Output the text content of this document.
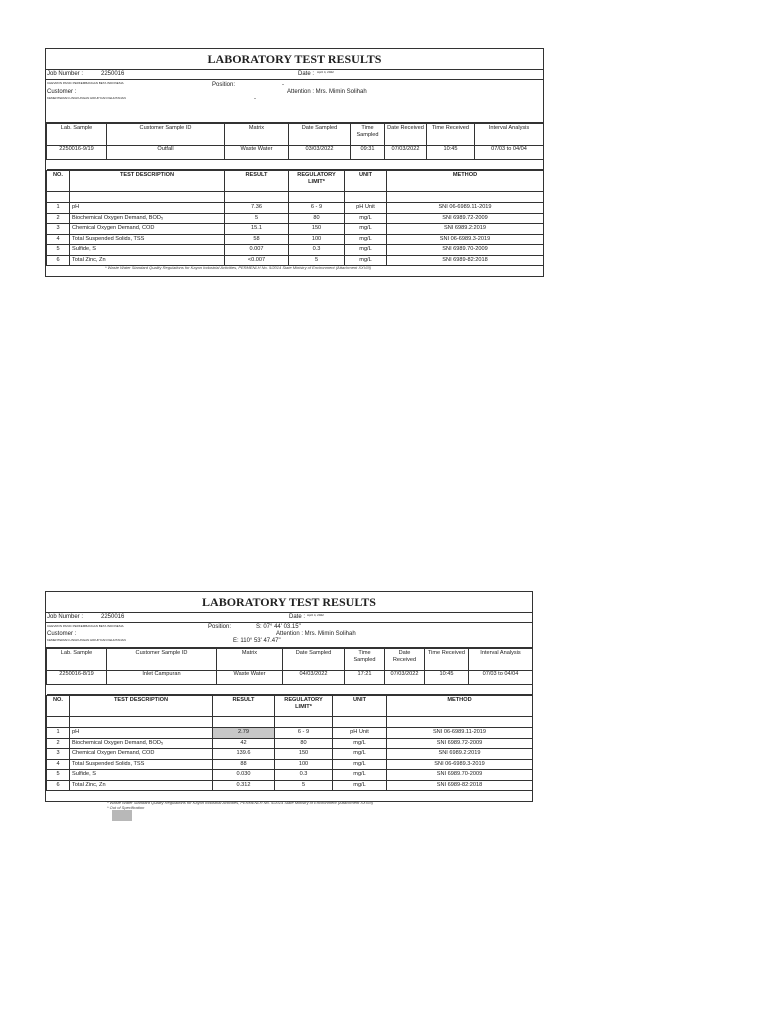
LABORATORY TEST RESULTS
Job Number :	2250016	Date : April 4, 2022
CHEVRON PANIC PERKEMBANGAN BETA INDONESIA
Customer :
KEMENTERIAN LINGKUNGAN HIDUP DAN KEHUTANAN
Position:	-
-
Attention : Mrs. Mimin Solihah
Lab. Sample	Customer Sample ID	Matrix	Date Sampled	Time Sampled	Date Received	Time Received	Interval Analysis
2250016-9/19	Outfall	Waste Water	03/03/2022	09:31	07/03/2022	10:45	07/03 to 04/04

NO.	TEST DESCRIPTION	RESULT	REGULATORY LIMIT*	UNIT	METHOD

1	pH	7.36	6 - 9	pH Unit	SNI 06-6989.11-2019
2	Biochemical Oxygen Demand, BOD₅	5	80	mg/L	SNI 6989.72-2009
3	Chemical Oxygen Demand, COD	15.1	150	mg/L	SNI 6989.2:2019
4	Total Suspended Solids, TSS	58	100	mg/L	SNI 06-6989.3-2019
5	Sulfide, S	0.007	0.3	mg/L	SNI 6989.70-2009
6	Total Zinc, Zn	<0.007	5	mg/L	SNI 6989-82:2018

* Waste Water Standard Quality Regulations for Kayon Industrial Activities, PERMENLH No. 5/2014 State Ministry of Environment (Attachment XXVIII)
LABORATORY TEST RESULTS
Job Number :	2250016	Date : April 4, 2022
CHEVRON PANIC PERKEMBANGAN BETA INDONESIA
Customer :
KEMENTERIAN LINGKUNGAN HIDUP DAN KEHUTANAN
Position:	S: 07° 44' 03.15"
E: 110° 53' 47.47"
Attention : Mrs. Mimin Solihah
Lab. Sample	Customer Sample ID	Matrix	Date Sampled	Time Sampled	Date Received	Time Received	Interval Analysis
2250016-8/19	Inlet Campuran	Waste Water	04/03/2022	17:21	07/03/2022	10:45	07/03 to 04/04

NO.	TEST DESCRIPTION	RESULT	REGULATORY LIMIT*	UNIT	METHOD

1	pH	2.79	6 - 9	pH Unit	SNI 06-6989.11-2019
2	Biochemical Oxygen Demand, BOD₅	42	80	mg/L	SNI 6989.72-2009
3	Chemical Oxygen Demand, COD	139.6	150	mg/L	SNI 6989.2:2019
4	Total Suspended Solids, TSS	88	100	mg/L	SNI 06-6989.3-2019
5	Sulfide, S	0.030	0.3	mg/L	SNI 6989.70-2009
6	Total Zinc, Zn	0.312	5	mg/L	SNI 6989-82:2018

* Waste Water Standard Quality Regulations for Kayon Industrial Activities, PERMENLH No. 5/2014 State Ministry of Environment (Attachment XXVIII)
* Out of Specification
